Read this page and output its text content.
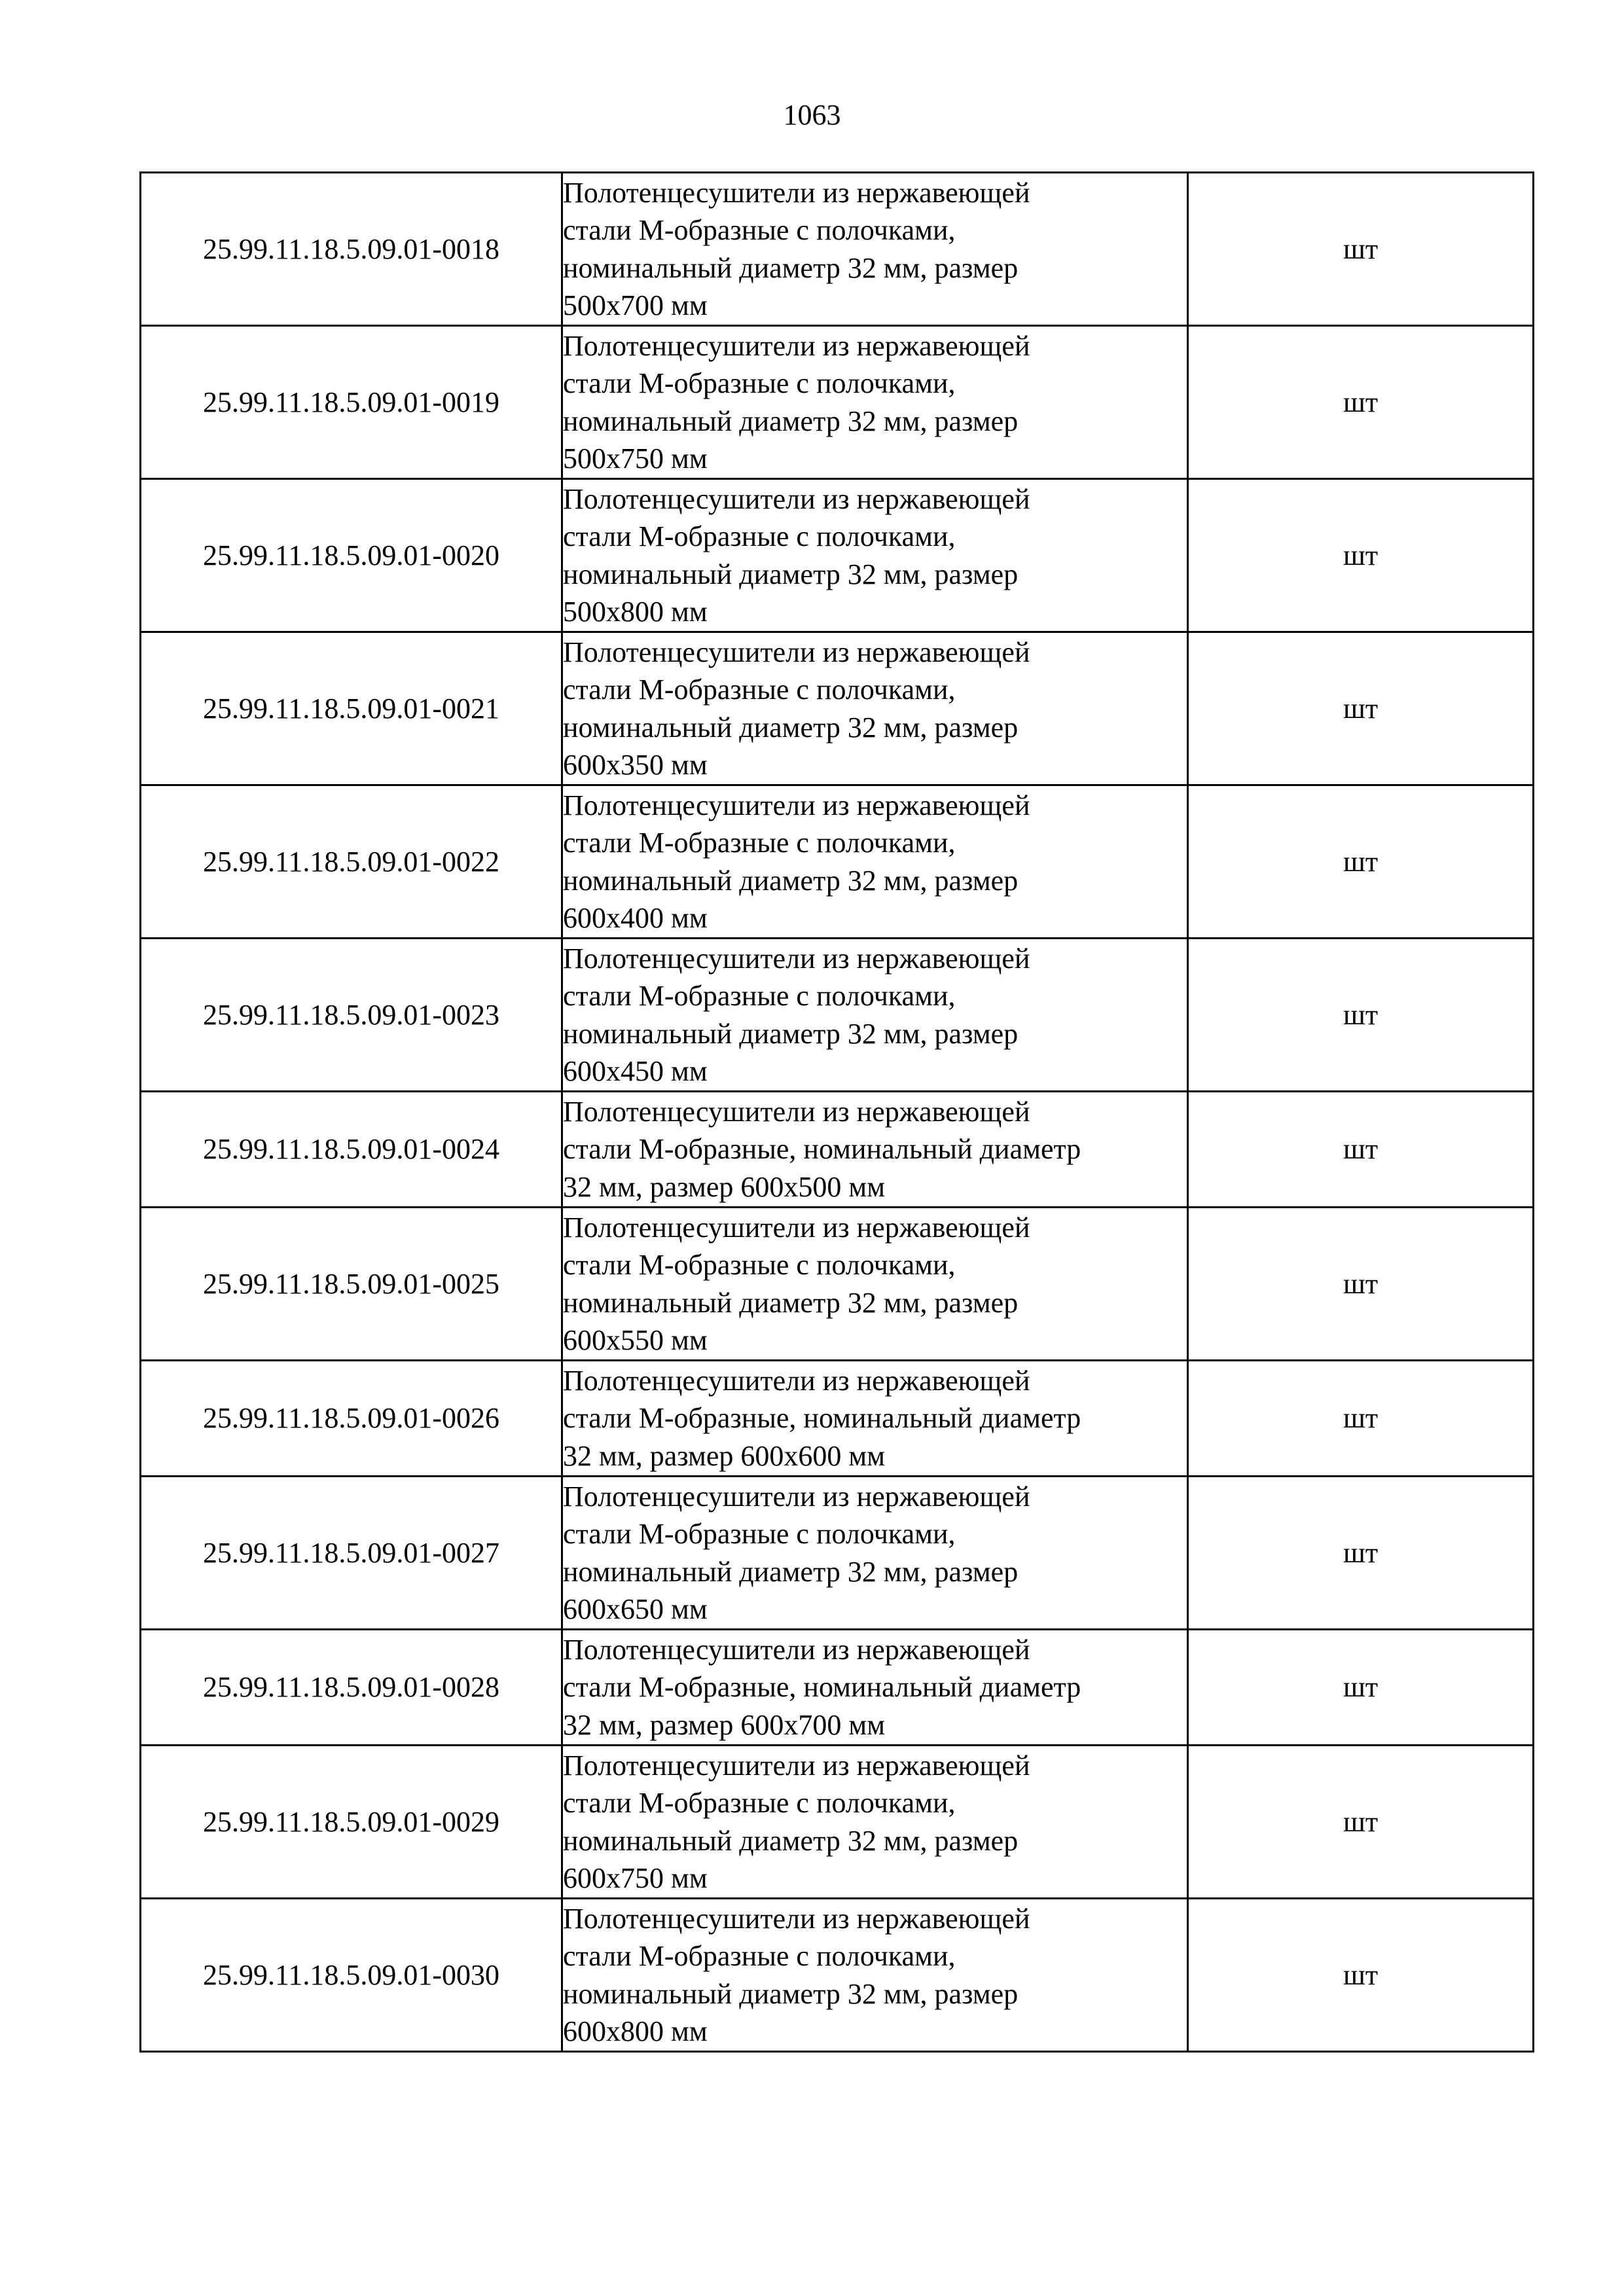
1063
25.99.11.18.5.09.01-0018	Полотенцесушители из нержавеющей
стали М-образные с полочками,
номинальный диаметр 32 мм, размер
500х700 мм	шт
25.99.11.18.5.09.01-0019	Полотенцесушители из нержавеющей
стали М-образные с полочками,
номинальный диаметр 32 мм, размер
500х750 мм	шт
25.99.11.18.5.09.01-0020	Полотенцесушители из нержавеющей
стали М-образные с полочками,
номинальный диаметр 32 мм, размер
500х800 мм	шт
25.99.11.18.5.09.01-0021	Полотенцесушители из нержавеющей
стали М-образные с полочками,
номинальный диаметр 32 мм, размер
600х350 мм	шт
25.99.11.18.5.09.01-0022	Полотенцесушители из нержавеющей
стали М-образные с полочками,
номинальный диаметр 32 мм, размер
600х400 мм	шт
25.99.11.18.5.09.01-0023	Полотенцесушители из нержавеющей
стали М-образные с полочками,
номинальный диаметр 32 мм, размер
600х450 мм	шт
25.99.11.18.5.09.01-0024	Полотенцесушители из нержавеющей
стали М-образные, номинальный диаметр
32 мм, размер 600х500 мм	шт
25.99.11.18.5.09.01-0025	Полотенцесушители из нержавеющей
стали М-образные с полочками,
номинальный диаметр 32 мм, размер
600х550 мм	шт
25.99.11.18.5.09.01-0026	Полотенцесушители из нержавеющей
стали М-образные, номинальный диаметр
32 мм, размер 600х600 мм	шт
25.99.11.18.5.09.01-0027	Полотенцесушители из нержавеющей
стали М-образные с полочками,
номинальный диаметр 32 мм, размер
600х650 мм	шт
25.99.11.18.5.09.01-0028	Полотенцесушители из нержавеющей
стали М-образные, номинальный диаметр
32 мм, размер 600х700 мм	шт
25.99.11.18.5.09.01-0029	Полотенцесушители из нержавеющей
стали М-образные с полочками,
номинальный диаметр 32 мм, размер
600х750 мм	шт
25.99.11.18.5.09.01-0030	Полотенцесушители из нержавеющей
стали М-образные с полочками,
номинальный диаметр 32 мм, размер
600х800 мм	шт
